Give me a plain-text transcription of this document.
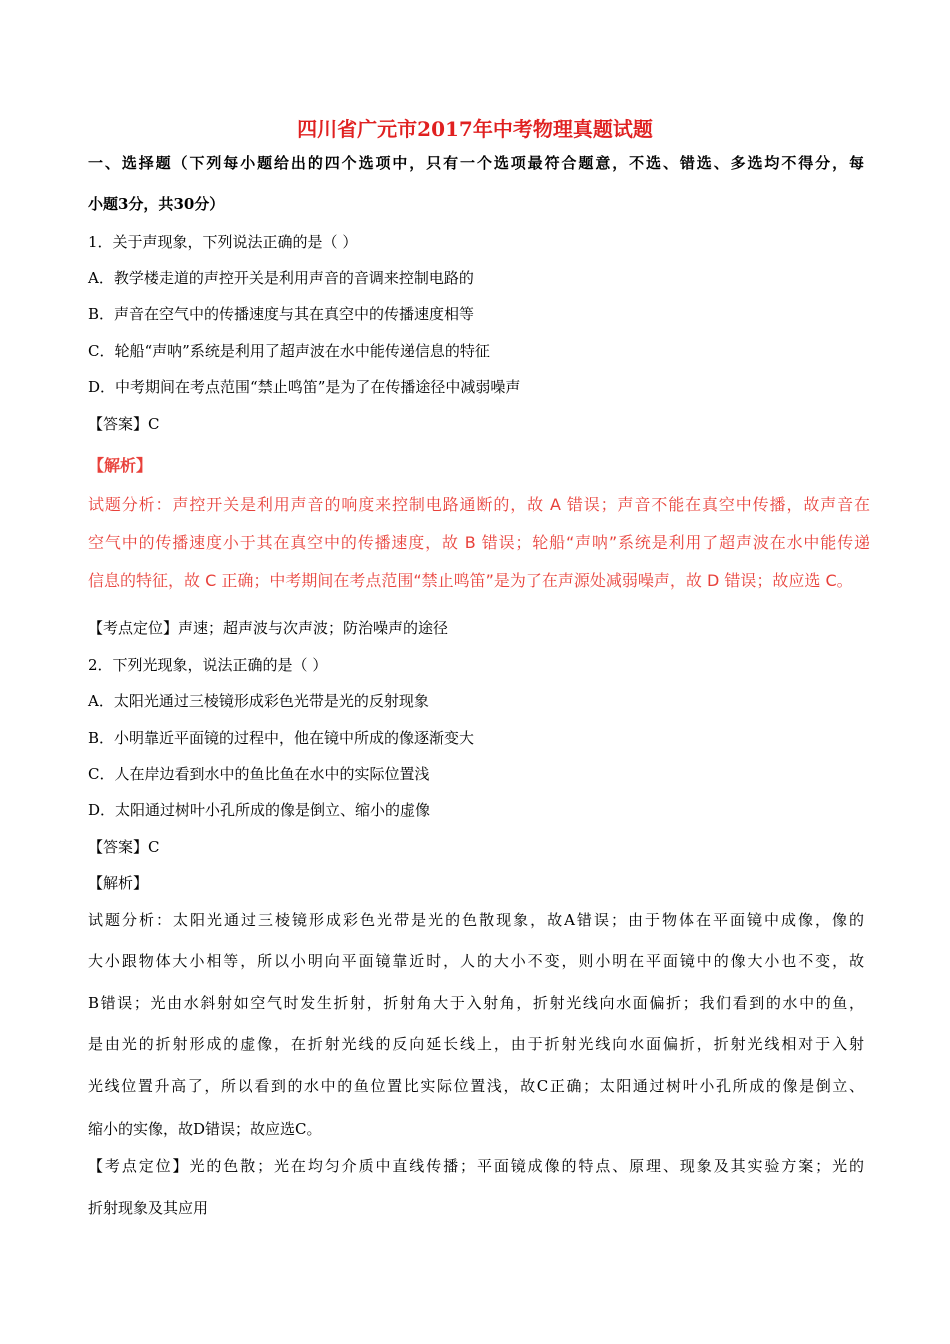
四川省广元市2017年中考物理真题试题
一、选择题（下列每小题给出的四个选项中，只有一个选项最符合题意，不选、错选、多选均不得分，每
小题3分，共30分）
1．关于声现象，下列说法正确的是（ ）
A．教学楼走道的声控开关是利用声音的音调来控制电路的
B．声音在空气中的传播速度与其在真空中的传播速度相等
C．轮船“声呐”系统是利用了超声波在水中能传递信息的特征
D．中考期间在考点范围“禁止鸣笛”是为了在传播途径中减弱噪声
【答案】C
【解析】
试题分析：声控开关是利用声音的响度来控制电路通断的，故 A 错误；声音不能在真空中传播，故声音在
空气中的传播速度小于其在真空中的传播速度，故 B 错误；轮船“声呐”系统是利用了超声波在水中能传递
信息的特征，故 C 正确；中考期间在考点范围“禁止鸣笛”是为了在声源处减弱噪声，故 D 错误；故应选 C。
【考点定位】声速；超声波与次声波；防治噪声的途径
2．下列光现象，说法正确的是（ ）
A．太阳光通过三棱镜形成彩色光带是光的反射现象
B．小明靠近平面镜的过程中，他在镜中所成的像逐渐变大
C．人在岸边看到水中的鱼比鱼在水中的实际位置浅
D．太阳通过树叶小孔所成的像是倒立、缩小的虚像
【答案】C
【解析】
试题分析：太阳光通过三棱镜形成彩色光带是光的色散现象，故A错误；由于物体在平面镜中成像，像的
大小跟物体大小相等，所以小明向平面镜靠近时，人的大小不变，则小明在平面镜中的像大小也不变，故
B错误；光由水斜射如空气时发生折射，折射角大于入射角，折射光线向水面偏折；我们看到的水中的鱼，
是由光的折射形成的虚像，在折射光线的反向延长线上，由于折射光线向水面偏折，折射光线相对于入射
光线位置升高了，所以看到的水中的鱼位置比实际位置浅，故C正确；太阳通过树叶小孔所成的像是倒立、
缩小的实像，故D错误；故应选C。
【考点定位】光的色散；光在均匀介质中直线传播；平面镜成像的特点、原理、现象及其实验方案；光的
折射现象及其应用
